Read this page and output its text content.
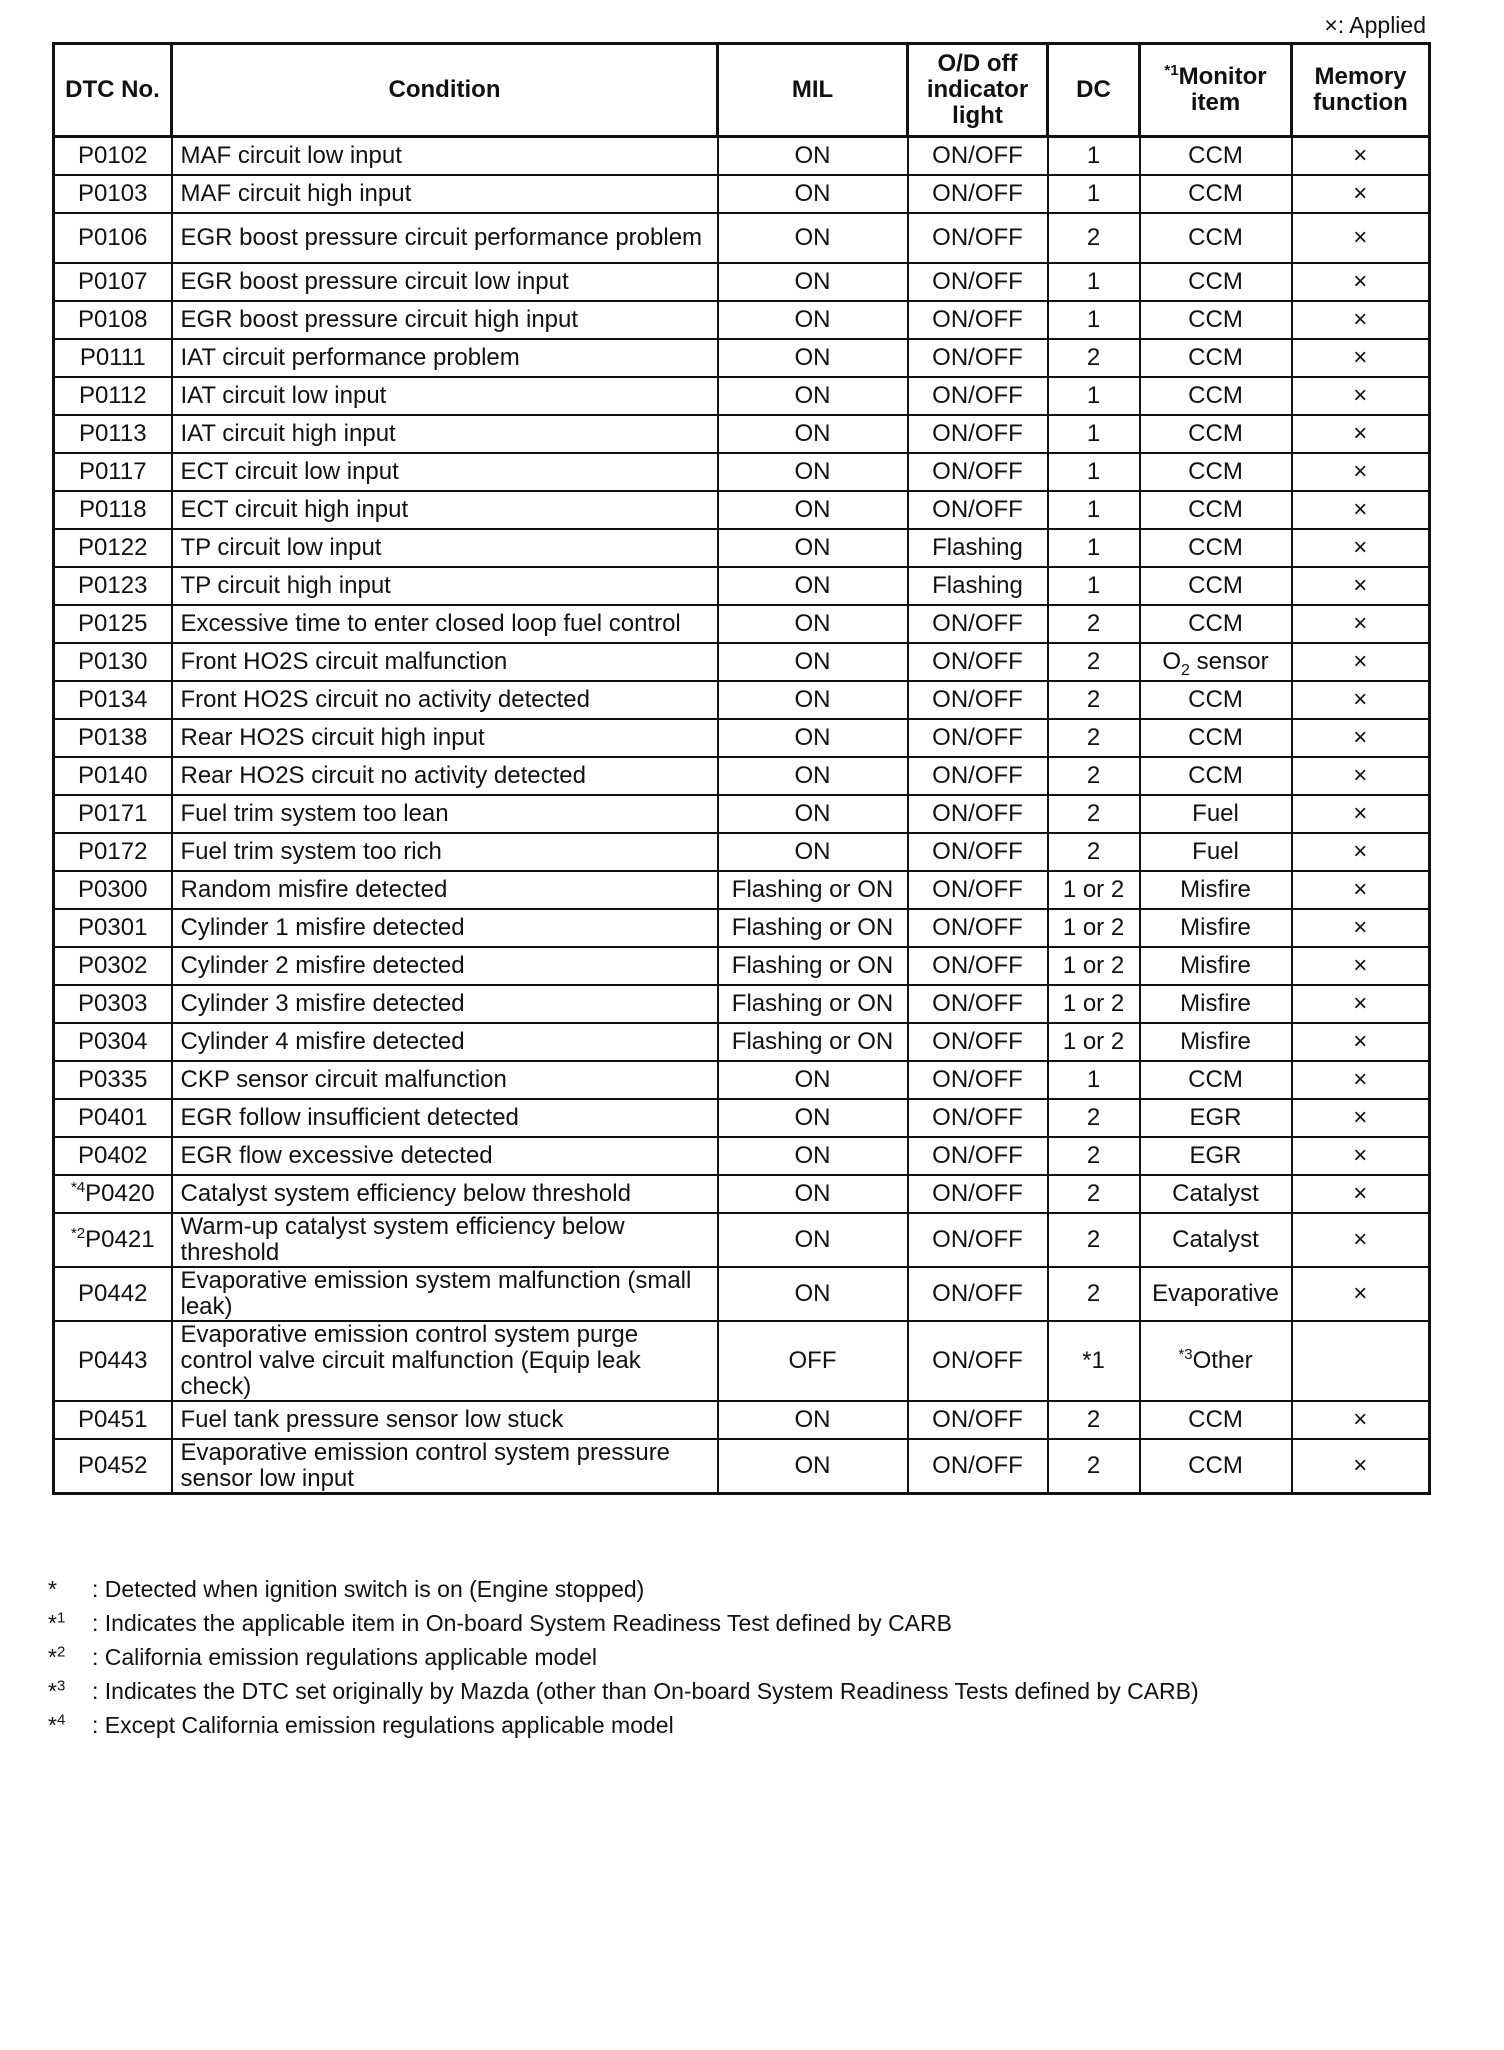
×: Applied
DTC No.	Condition	MIL	O/D off indicator light	DC	$^{*1}$Monitor item	Memory function
P0102	MAF circuit low input	ON	ON/OFF	1	CCM	×
P0103	MAF circuit high input	ON	ON/OFF	1	CCM	×
P0106	EGR boost pressure circuit performance problem	ON	ON/OFF	2	CCM	×
P0107	EGR boost pressure circuit low input	ON	ON/OFF	1	CCM	×
P0108	EGR boost pressure circuit high input	ON	ON/OFF	1	CCM	×
P0111	IAT circuit performance problem	ON	ON/OFF	2	CCM	×
P0112	IAT circuit low input	ON	ON/OFF	1	CCM	×
P0113	IAT circuit high input	ON	ON/OFF	1	CCM	×
P0117	ECT circuit low input	ON	ON/OFF	1	CCM	×
P0118	ECT circuit high input	ON	ON/OFF	1	CCM	×
P0122	TP circuit low input	ON	Flashing	1	CCM	×
P0123	TP circuit high input	ON	Flashing	1	CCM	×
P0125	Excessive time to enter closed loop fuel control	ON	ON/OFF	2	CCM	×
P0130	Front HO2S circuit malfunction	ON	ON/OFF	2	$O_2$ sensor	×
P0134	Front HO2S circuit no activity detected	ON	ON/OFF	2	CCM	×
P0138	Rear HO2S circuit high input	ON	ON/OFF	2	CCM	×
P0140	Rear HO2S circuit no activity detected	ON	ON/OFF	2	CCM	×
P0171	Fuel trim system too lean	ON	ON/OFF	2	Fuel	×
P0172	Fuel trim system too rich	ON	ON/OFF	2	Fuel	×
P0300	Random misfire detected	Flashing or ON	ON/OFF	1 or 2	Misfire	×
P0301	Cylinder 1 misfire detected	Flashing or ON	ON/OFF	1 or 2	Misfire	×
P0302	Cylinder 2 misfire detected	Flashing or ON	ON/OFF	1 or 2	Misfire	×
P0303	Cylinder 3 misfire detected	Flashing or ON	ON/OFF	1 or 2	Misfire	×
P0304	Cylinder 4 misfire detected	Flashing or ON	ON/OFF	1 or 2	Misfire	×
P0335	CKP sensor circuit malfunction	ON	ON/OFF	1	CCM	×
P0401	EGR follow insufficient detected	ON	ON/OFF	2	EGR	×
P0402	EGR flow excessive detected	ON	ON/OFF	2	EGR	×
$^{*4}$P0420	Catalyst system efficiency below threshold	ON	ON/OFF	2	Catalyst	×
$^{*2}$P0421	Warm-up catalyst system efficiency below threshold	ON	ON/OFF	2	Catalyst	×
P0442	Evaporative emission system malfunction (small leak)	ON	ON/OFF	2	Evaporative	×
P0443	Evaporative emission control system purge control valve circuit malfunction (Equip leak check)	OFF	ON/OFF	*1	$^{*3}$Other	
P0451	Fuel tank pressure sensor low stuck	ON	ON/OFF	2	CCM	×
P0452	Evaporative emission control system pressure sensor low input	ON	ON/OFF	2	CCM	×
*	: Detected when ignition switch is on (Engine stopped)
*$^1$	: Indicates the applicable item in On-board System Readiness Test defined by CARB
*$^2$	: California emission regulations applicable model
*$^3$	: Indicates the DTC set originally by Mazda (other than On-board System Readiness Tests defined by CARB)
*$^4$	: Except California emission regulations applicable model
